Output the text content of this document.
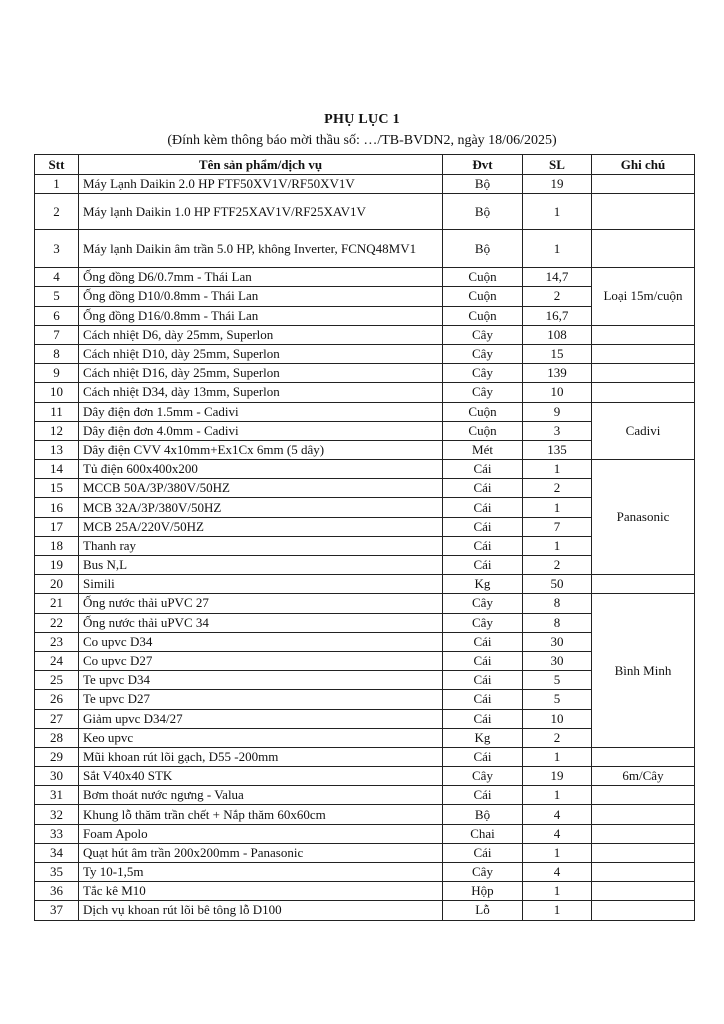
PHỤ LỤC 1
(Đính kèm thông báo mời thầu số: …/TB-BVDN2, ngày 18/06/2025)
Stt	Tên sản phẩm/dịch vụ	Đvt	SL	Ghi chú
1	Máy Lạnh Daikin 2.0 HP FTF50XV1V/RF50XV1V	Bộ	19	
2	Máy lạnh Daikin 1.0 HP FTF25XAV1V/RF25XAV1V	Bộ	1	
3	Máy lạnh Daikin âm trần 5.0 HP, không Inverter, FCNQ48MV1	Bộ	1	
4	Ống đồng D6/0.7mm - Thái Lan	Cuộn	14,7	Loại 15m/cuộn
5	Ống đồng D10/0.8mm - Thái Lan	Cuộn	2	
6	Ống đồng D16/0.8mm - Thái Lan	Cuộn	16,7	
7	Cách nhiệt D6, dày 25mm, Superlon	Cây	108	
8	Cách nhiệt D10, dày 25mm, Superlon	Cây	15	
9	Cách nhiệt D16, dày 25mm, Superlon	Cây	139	
10	Cách nhiệt D34, dày 13mm, Superlon	Cây	10	
11	Dây điện đơn 1.5mm - Cadivi	Cuộn	9	Cadivi
12	Dây điện đơn 4.0mm - Cadivi	Cuộn	3	
13	Dây điện CVV 4x10mm+Ex1Cx 6mm (5 dây)	Mét	135	
14	Tủ điện 600x400x200	Cái	1	Panasonic
15	MCCB 50A/3P/380V/50HZ	Cái	2	
16	MCB 32A/3P/380V/50HZ	Cái	1	
17	MCB 25A/220V/50HZ	Cái	7	
18	Thanh ray	Cái	1	
19	Bus N,L	Cái	2	
20	Simili	Kg	50	
21	Ống nước thải uPVC 27	Cây	8	Bình Minh
22	Ống nước thải uPVC 34	Cây	8	
23	Co upvc D34	Cái	30	
24	Co upvc D27	Cái	30	
25	Te upvc D34	Cái	5	
26	Te upvc D27	Cái	5	
27	Giảm upvc D34/27	Cái	10	
28	Keo upvc	Kg	2	
29	Mũi khoan rút lõi gạch, D55 -200mm	Cái	1	
30	Sắt V40x40 STK	Cây	19	6m/Cây
31	Bơm thoát nước ngưng - Valua	Cái	1	
32	Khung lỗ thăm trần chết + Nắp thăm 60x60cm	Bộ	4	
33	Foam Apolo	Chai	4	
34	Quạt hút âm trần 200x200mm - Panasonic	Cái	1	
35	Ty 10-1,5m	Cây	4	
36	Tắc kê M10	Hộp	1	
37	Dịch vụ khoan rút lõi bê tông lỗ D100	Lỗ	1	
